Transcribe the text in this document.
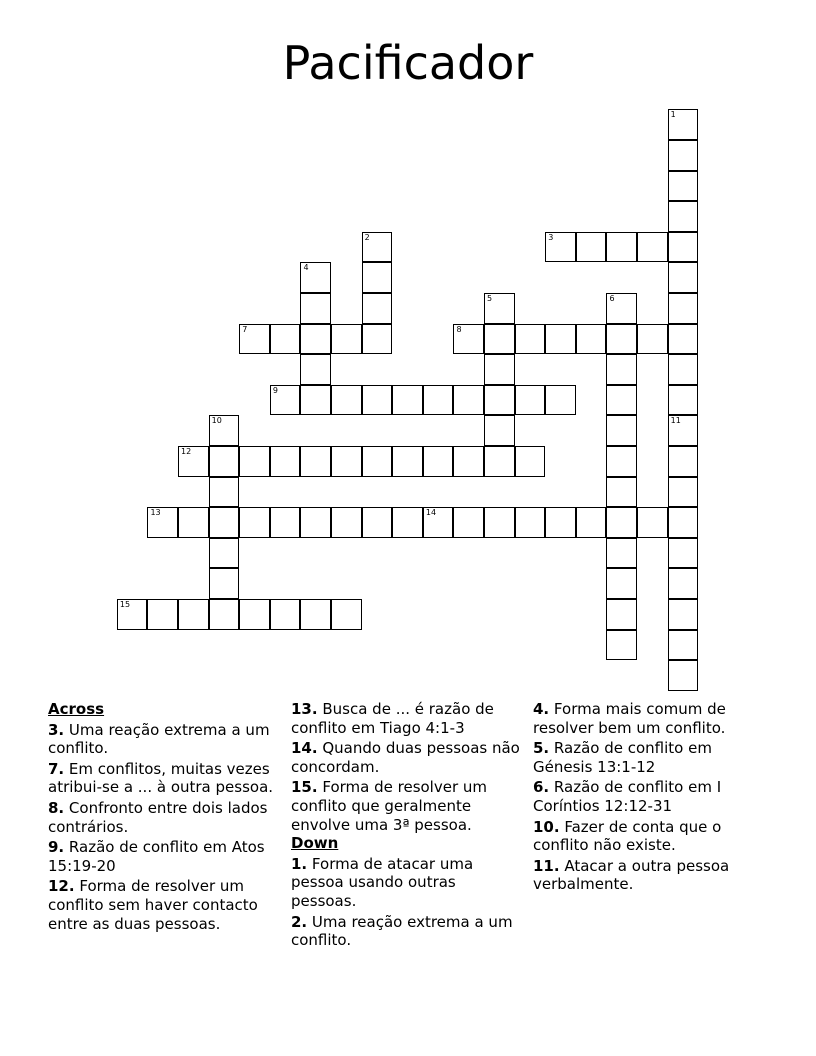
Pacificador
1
2	3
4
5	6
7	8
9
10	11
12
13	14
15
Across
3. Uma reação extrema a um conflito.
7. Em conflitos, muitas vezes atribui-se a ... à outra pessoa.
8. Confronto entre dois lados contrários.
9. Razão de conflito em Atos 15:19-20
12. Forma de resolver um conflito sem haver contacto entre as duas pessoas.
13. Busca de ... é razão de conflito em Tiago 4:1-3
14. Quando duas pessoas não concordam.
15. Forma de resolver um conflito que geralmente envolve uma 3ª pessoa.
Down
1. Forma de atacar uma pessoa usando outras pessoas.
2. Uma reação extrema a um conflito.
4. Forma mais comum de resolver bem um conflito.
5. Razão de conflito em Génesis 13:1-12
6. Razão de conflito em I Coríntios 12:12-31
10. Fazer de conta que o conflito não existe.
11. Atacar a outra pessoa verbalmente.
